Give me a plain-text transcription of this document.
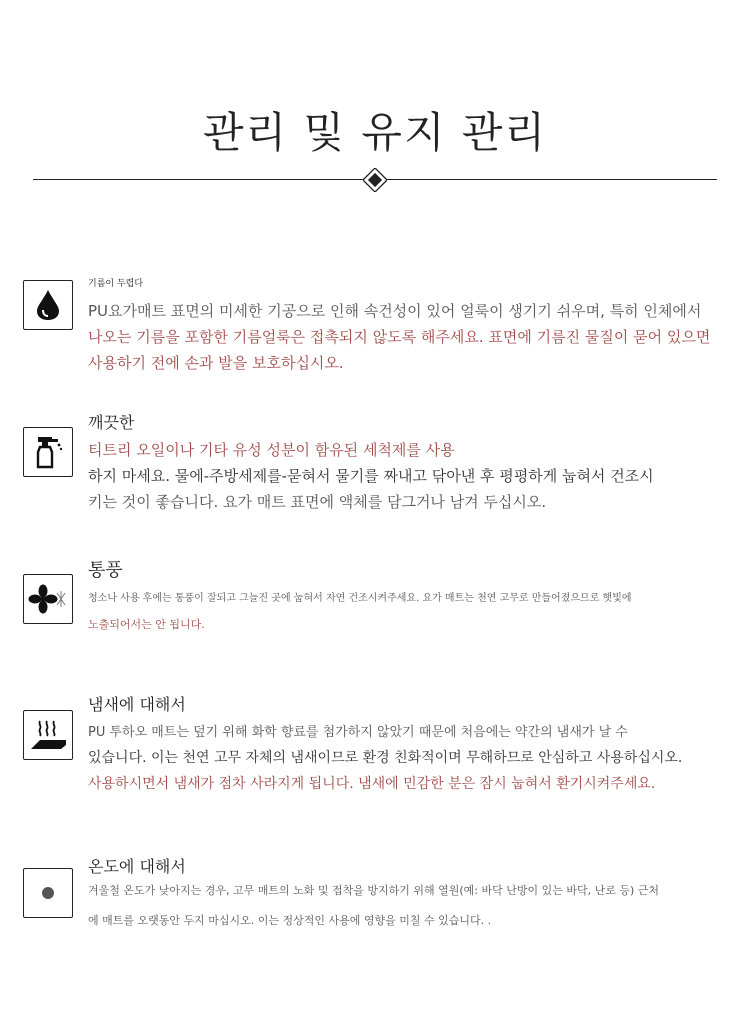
관리 및 유지 관리
기름이 두렵다
PU요가매트 표면의 미세한 기공으로 인해 속건성이 있어 얼룩이 생기기 쉬우며, 특히 인체에서
나오는 기름을 포함한 기름얼룩은 접촉되지 않도록 해주세요. 표면에 기름진 물질이 묻어 있으면
사용하기 전에 손과 발을 보호하십시오.
깨끗한
티트리 오일이나 기타 유성 성분이 함유된 세척제를 사용
하지 마세요. 물에-주방세제를-묻혀서 물기를 짜내고 닦아낸 후 평평하게 눕혀서 건조시
키는 것이 좋습니다. 요가 매트 표면에 액체를 담그거나 남겨 두십시오.
통풍
청소나 사용 후에는 통풍이 잘되고 그늘진 곳에 눕혀서 자연 건조시켜주세요. 요가 매트는 천연 고무로 만들어졌으므로 햇빛에
노출되어서는 안 됩니다.
냄새에 대해서
PU 투하오 매트는 덮기 위해 화학 향료를 첨가하지 않았기 때문에 처음에는 약간의 냄새가 날 수
있습니다. 이는 천연 고무 자체의 냄새이므로 환경 친화적이며 무해하므로 안심하고 사용하십시오.
사용하시면서 냄새가 점차 사라지게 됩니다. 냄새에 민감한 분은 잠시 눕혀서 환기시켜주세요.
온도에 대해서
겨울철 온도가 낮아지는 경우, 고무 매트의 노화 및 접착을 방지하기 위해 열원(예: 바닥 난방이 있는 바닥, 난로 등) 근처
에 매트를 오랫동안 두지 마십시오. 이는 정상적인 사용에 영향을 미칠 수 있습니다. .
